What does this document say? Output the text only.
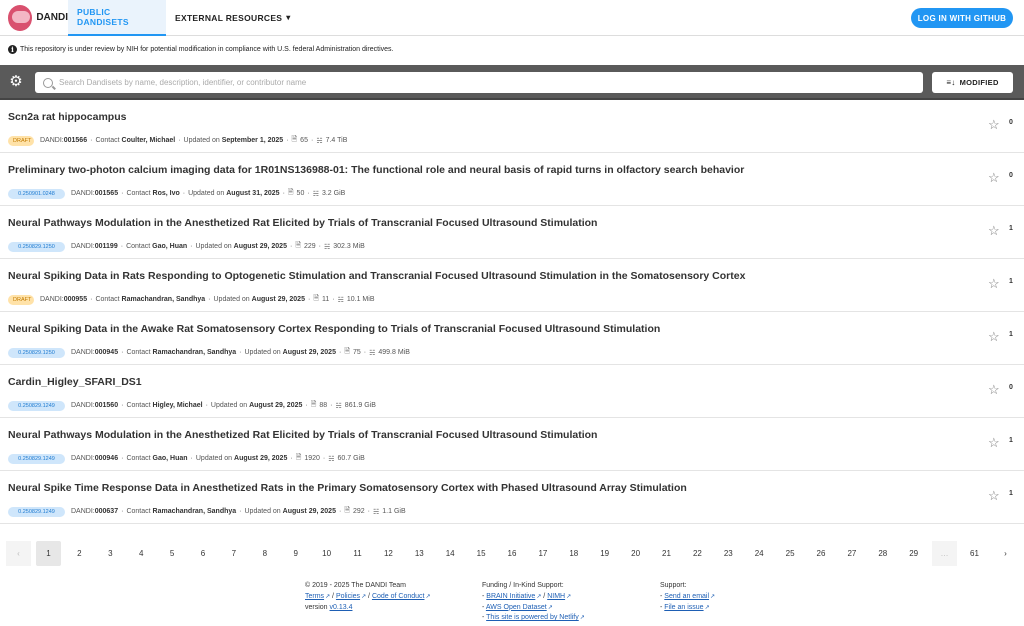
DANDI
PUBLIC DANDISETS	EXTERNAL RESOURCES ▾	LOG IN WITH GITHUB
i This repository is under review by NIH for potential modification in compliance with U.S. federal Administration directives.
⚙
Search Dandisets by name, description, identifier, or contributor name	≡↓ MODIFIED
Scn2a rat hippocampus
DRAFT	DANDI: 001566 · Contact
Coulter, Michael · Updated on
September 1, 2025 · 🗎 65 · ☵ 7.4 TiB
☆ 0
Preliminary two-photon calcium imaging data for 1R01NS136988-01: The functional role and neural basis of rapid turns in olfactory search behavior
0.250901.0248	DANDI: 001565 · Contact
Ros, Ivo · Updated on
August 31, 2025 · 🗎 50 · ☵ 3.2 GiB
☆ 0
Neural Pathways Modulation in the Anesthetized Rat Elicited by Trials of Transcranial Focused Ultrasound Stimulation
0.250829.1250	DANDI: 001199 · Contact
Gao, Huan · Updated on
August 29, 2025 · 🗎 229 · ☵ 302.3 MiB
☆ 1
Neural Spiking Data in Rats Responding to Optogenetic Stimulation and Transcranial Focused Ultrasound Stimulation in the Somatosensory Cortex
DRAFT	DANDI: 000955 · Contact
Ramachandran, Sandhya · Updated on
August 29, 2025 · 🗎 11 · ☵ 10.1 MiB
☆ 1
Neural Spiking Data in the Awake Rat Somatosensory Cortex Responding to Trials of Transcranial Focused Ultrasound Stimulation
0.250829.1250	DANDI: 000945 · Contact
Ramachandran, Sandhya · Updated on
August 29, 2025 · 🗎 75 · ☵ 499.8 MiB
☆ 1
Cardin_Higley_SFARI_DS1
0.250829.1249	DANDI: 001560 · Contact
Higley, Michael · Updated on
August 29, 2025 · 🗎 88 · ☵ 861.9 GiB
☆ 0
Neural Pathways Modulation in the Anesthetized Rat Elicited by Trials of Transcranial Focused Ultrasound Stimulation
0.250829.1249	DANDI: 000946 · Contact
Gao, Huan · Updated on
August 29, 2025 · 🗎 1920 · ☵ 60.7 GiB
☆ 1
Neural Spike Time Response Data in Anesthetized Rats in the Primary Somatosensory Cortex with Phased Ultrasound Array Stimulation
0.250829.1249	DANDI: 000637 · Contact
Ramachandran, Sandhya · Updated on
August 29, 2025 · 🗎 292 · ☵ 1.1 GiB
☆ 1
‹	1	2	3	4	5	6	7	8	9	10	11	12	13	14	15	16	17	18	19	20	21	22	23	24	25	26	27	28	29	…	61	›
© 2019 - 2025 The DANDI Team
Terms↗ / Policies↗ / Code of Conduct↗
version v0.13.4
Funding / In-Kind Support:
- BRAIN Initiative↗ / NIMH↗
- AWS Open Dataset↗
- This site is powered by Netlify↗
Support:
- Send an email↗
- File an issue↗
